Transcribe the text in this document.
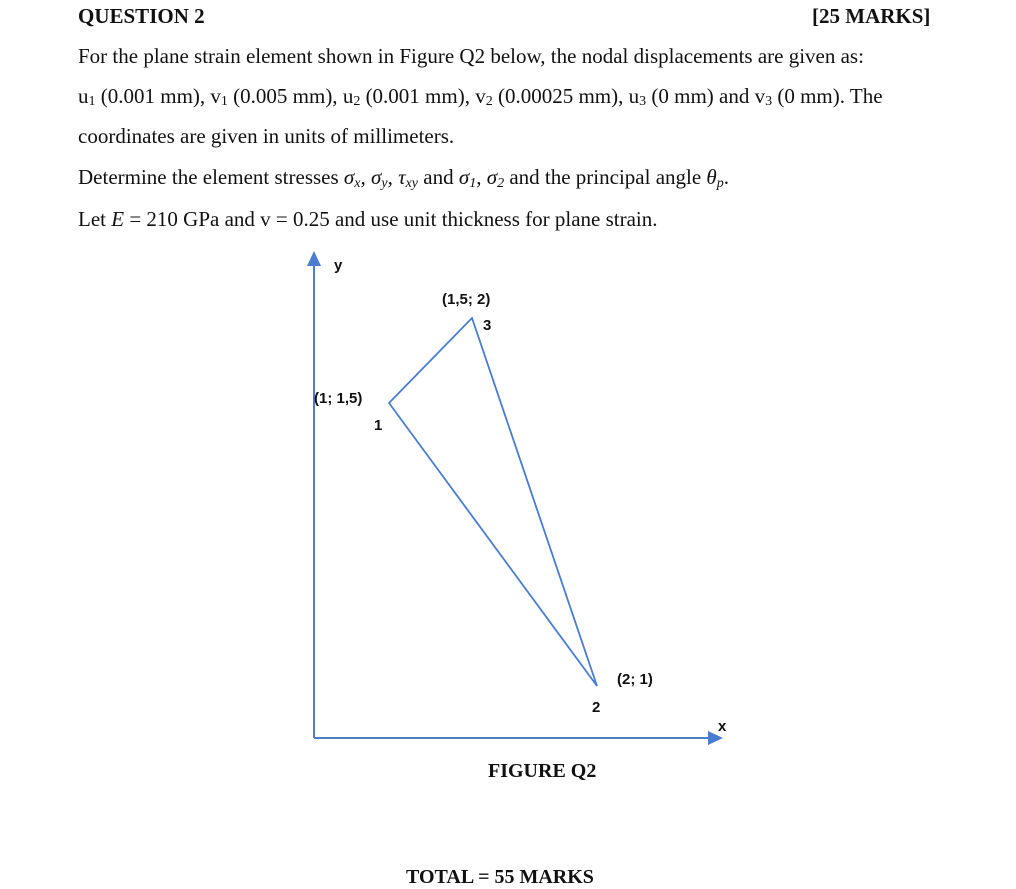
QUESTION 2	[25 MARKS]
For the plane strain element shown in Figure Q2 below, the nodal displacements are given as:
u1 (0.001 mm), v1 (0.005 mm), u2 (0.001 mm), v2 (0.00025 mm), u3 (0 mm) and v3 (0 mm). The
coordinates are given in units of millimeters.
Determine the element stresses $\sigma_x$, $\sigma_y$, $\tau_{xy}$ and $\sigma_1$, $\sigma_2$ and the principal angle $\theta_p$.
Let E = 210 GPa and v = 0.25 and use unit thickness for plane strain.
y
x
(1; 1,5)
1
(2; 1)
2
(1,5; 2)
3
FIGURE Q2
TOTAL = 55 MARKS
